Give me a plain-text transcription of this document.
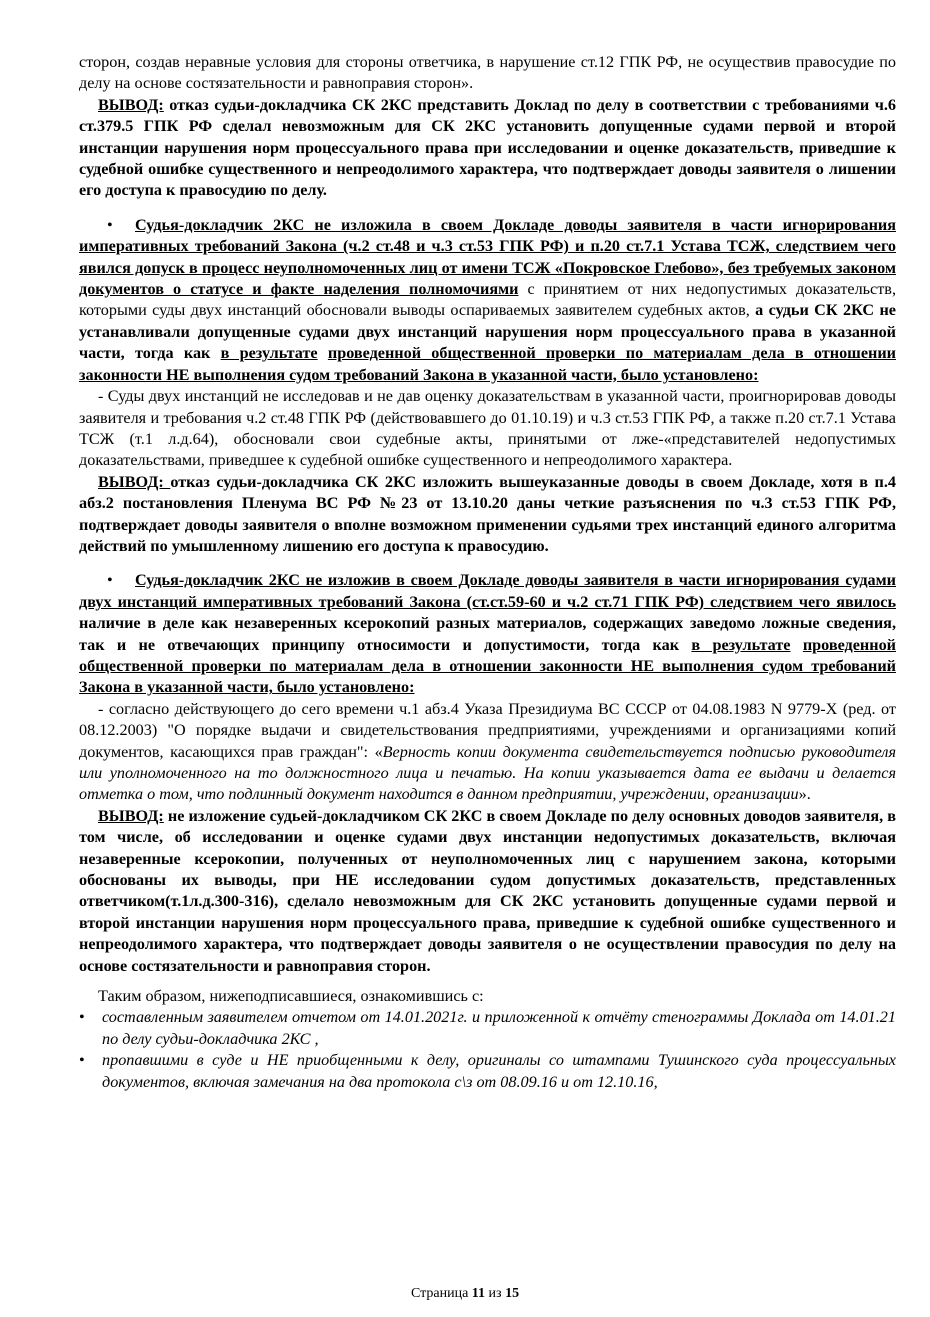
сторон, создав неравные условия для стороны ответчика, в нарушение ст.12 ГПК РФ, не осуществив правосудие по делу на основе состязательности и равноправия сторон».

ВЫВОД: отказ судьи-докладчика СК 2КС представить Доклад по делу в соответствии с требованиями ч.6 ст.379.5 ГПК РФ сделал невозможным для СК 2КС установить допущенные судами первой и второй инстанции нарушения норм процессуального права при исследовании и оценке доказательств, приведшие к судебной ошибке существенного и непреодолимого характера, что подтверждает доводы заявителя о лишении его доступа к правосудию по делу.

• Судья-докладчик 2КС не изложила в своем Докладе доводы заявителя в части игнорирования императивных требований Закона (ч.2 ст.48 и ч.3 ст.53 ГПК РФ) и п.20 ст.7.1 Устава ТСЖ, следствием чего явился допуск в процесс неуполномоченных лиц от имени ТСЖ «Покровское Глебово», без требуемых законом документов о статусе и факте наделения полномочиями с принятием от них недопустимых доказательств, которыми суды двух инстанций обосновали выводы оспариваемых заявителем судебных актов, а судьи СК 2КС не устанавливали допущенные судами двух инстанций нарушения норм процессуального права в указанной части, тогда как в результате проведенной общественной проверки по материалам дела в отношении законности НЕ выполнения судом требований Закона в указанной части, было установлено:

- Суды двух инстанций не исследовав и не дав оценку доказательствам в указанной части, проигнорировав доводы заявителя и требования ч.2 ст.48 ГПК РФ (действовавшего до 01.10.19) и ч.3 ст.53 ГПК РФ, а также п.20 ст.7.1 Устава ТСЖ (т.1 л.д.64), обосновали свои судебные акты, принятыми от лже-«представителей недопустимых доказательствами, приведшее к судебной ошибке существенного и непреодолимого характера.

ВЫВОД: отказ судьи-докладчика СК 2КС изложить вышеуказанные доводы в своем Докладе, хотя в п.4 абз.2 постановления Пленума ВС РФ №23 от 13.10.20 даны четкие разъяснения по ч.3 ст.53 ГПК РФ, подтверждает доводы заявителя о вполне возможном применении судьями трех инстанций единого алгоритма действий по умышленному лишению его доступа к правосудию.

• Судья-докладчик 2КС не изложив в своем Докладе доводы заявителя в части игнорирования судами двух инстанций императивных требований Закона (ст.ст.59-60 и ч.2 ст.71 ГПК РФ) следствием чего явилось наличие в деле как незаверенных ксерокопий разных материалов, содержащих заведомо ложные сведения, так и не отвечающих принципу относимости и допустимости, тогда как в результате проведенной общественной проверки по материалам дела в отношении законности НЕ выполнения судом требований Закона в указанной части, было установлено:

- согласно действующего до сего времени ч.1 абз.4 Указа Президиума ВС СССР от 04.08.1983 N 9779-X (ред. от 08.12.2003) "О порядке выдачи и свидетельствования предприятиями, учреждениями и организациями копий документов, касающихся прав граждан": «Верность копии документа свидетельствуется подписью руководителя или уполномоченного на то должностного лица и печатью. На копии указывается дата ее выдачи и делается отметка о том, что подлинный документ находится в данном предприятии, учреждении, организации».

ВЫВОД: не изложение судьей-докладчиком СК 2КС в своем Докладе по делу основных доводов заявителя, в том числе, об исследовании и оценке судами двух инстанции недопустимых доказательств, включая незаверенные ксерокопии, полученных от неуполномоченных лиц с нарушением закона, которыми обоснованы их выводы, при НЕ исследовании судом допустимых доказательств, представленных ответчиком(т.1л.д.300-316), сделало невозможным для СК 2КС установить допущенные судами первой и второй инстанции нарушения норм процессуального права, приведшие к судебной ошибке существенного и непреодолимого характера, что подтверждает доводы заявителя о не осуществлении правосудия по делу на основе состязательности и равноправия сторон.

Таким образом, нижеподписавшиеся, ознакомившись с:

• составленным заявителем отчетом от 14.01.2021г. и приложенной к отчёту стенограммы Доклада от 14.01.21 по делу судьи-докладчика 2КС ,
• пропавшими в суде и НЕ приобщенными к делу, оригиналы со штампами Тушинского суда процессуальных документов, включая замечания на два протокола с\з от 08.09.16 и от 12.10.16,
Страница 11 из 15
